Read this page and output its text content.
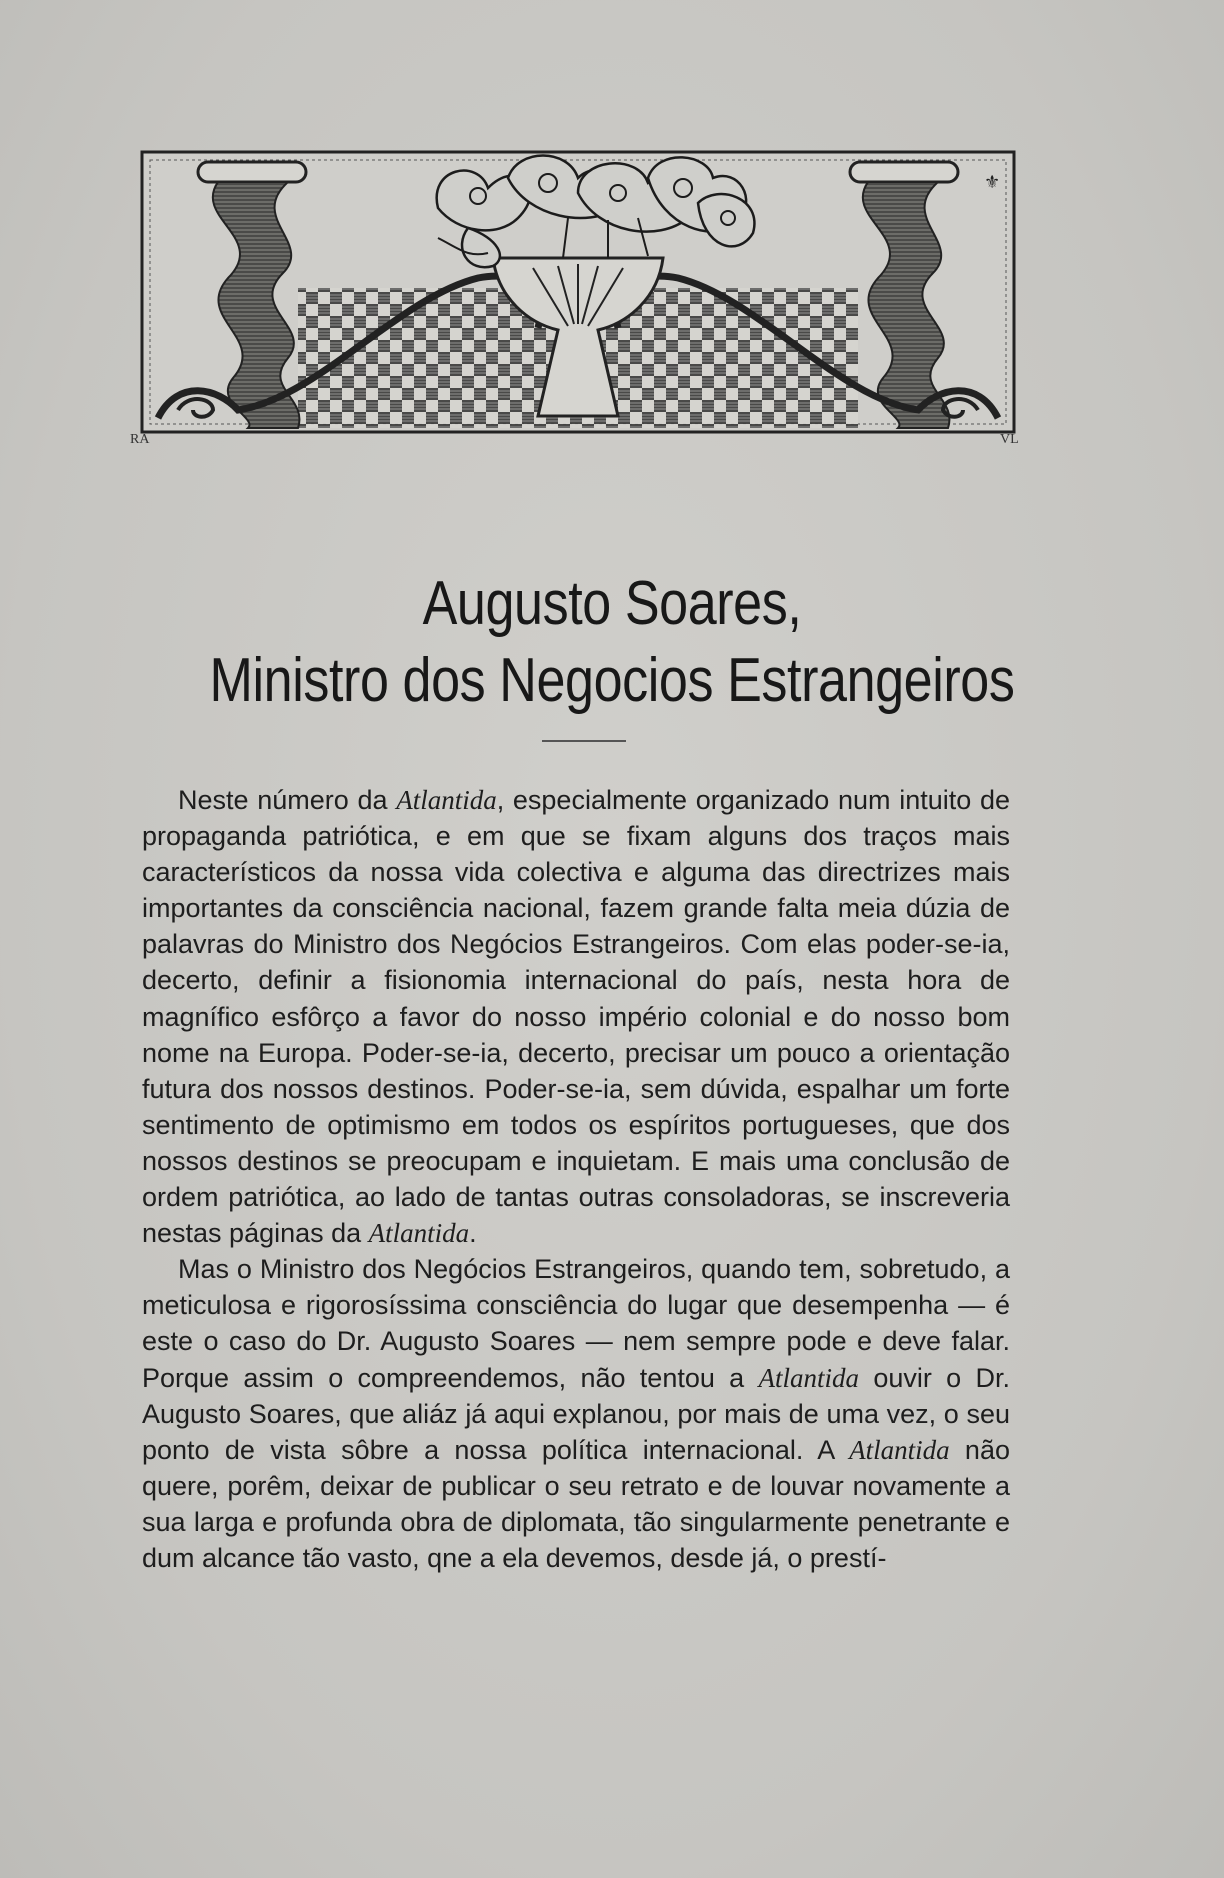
⚜
RA	VL
Augusto Soares,
Ministro dos Negocios Estrangeiros

Neste número da Atlantida, especialmente organizado num intuito de propaganda patriótica, e em que se fixam alguns dos traços mais característicos da nossa vida colectiva e alguma das directrizes mais importantes da consciência nacional, fazem grande falta meia dúzia de palavras do Ministro dos Negócios Estrangeiros. Com elas poder-se-ia, decerto, definir a fisionomia internacional do país, nesta hora de magnífico esfôrço a favor do nosso império colonial e do nosso bom nome na Europa. Poder-se-ia, decerto, precisar um pouco a orientação futura dos nossos destinos. Poder-se-ia, sem dúvida, espalhar um forte sentimento de optimismo em todos os espíritos portugueses, que dos nossos destinos se preocupam e inquietam. E mais uma conclusão de ordem patriótica, ao lado de tantas outras consoladoras, se inscreveria nestas páginas da Atlantida.

Mas o Ministro dos Negócios Estrangeiros, quando tem, sobretudo, a meticulosa e rigorosíssima consciência do lugar que desempenha — é este o caso do Dr. Augusto Soares — nem sempre pode e deve falar. Porque assim o compreendemos, não tentou a Atlantida ouvir o Dr. Augusto Soares, que aliáz já aqui explanou, por mais de uma vez, o seu ponto de vista sôbre a nossa política internacional. A Atlantida não quere, porêm, deixar de publicar o seu retrato e de louvar novamente a sua larga e profunda obra de diplomata, tão singularmente penetrante e dum alcance tão vasto, qne a ela devemos, desde já, o prestí-
